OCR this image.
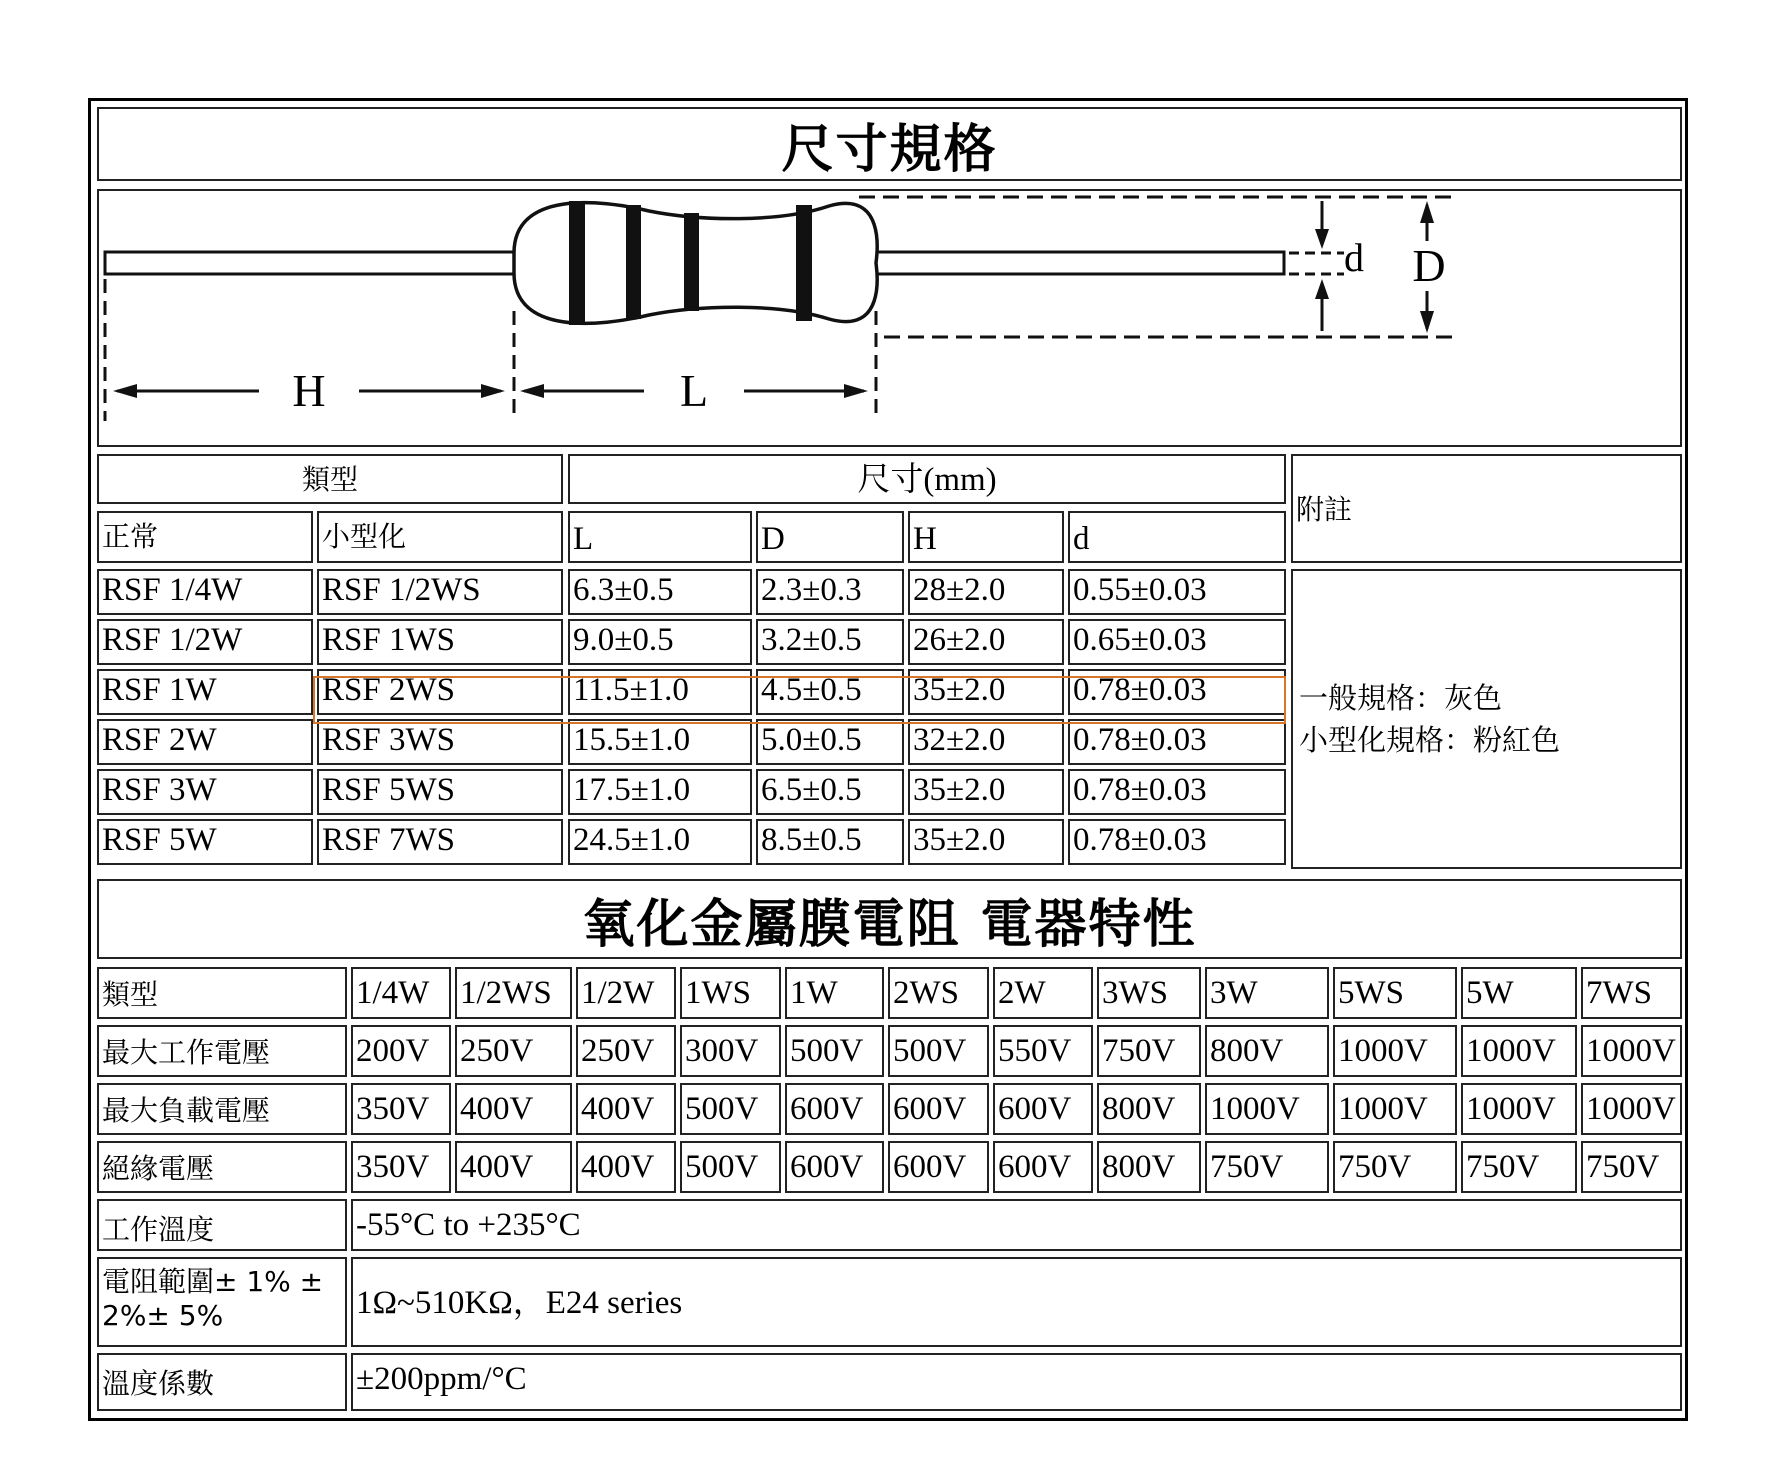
尺寸規格
H	L
d D
類型	尺寸(mm)
附註
正常	小型化	L	D	H	d
RSF 1/4W	RSF 1/2WS	6.3±0.5	2.3±0.3	28±2.0	0.55±0.03
RSF 1/2W	RSF 1WS	9.0±0.5	3.2±0.5	26±2.0	0.65±0.03
RSF 1W	RSF 2WS	11.5±1.0	4.5±0.5	35±2.0	0.78±0.03
RSF 2W	RSF 3WS	15.5±1.0	5.0±0.5	32±2.0	0.78±0.03
RSF 3W	RSF 5WS	17.5±1.0	6.5±0.5	35±2.0	0.78±0.03
RSF 5W	RSF 7WS	24.5±1.0	8.5±0.5	35±2.0	0.78±0.03
一般規格：灰色
小型化規格：粉紅色
氧化金屬膜電阻 電器特性
類型	1/4W 1/2WS 1/2W 1WS	1W	2WS	2W	3WS	3W	5WS	5W	7WS
最大工作電壓	200V 250V	250V 300V 500V 500V 550V 750V	800V	1000V	1000V 1000V
最大負載電壓	350V 400V	400V 500V 600V 600V 600V 800V	1000V	1000V	1000V 1000V
絕緣電壓	350V 400V	400V 500V 600V 600V 600V 800V	750V	750V	750V	750V
工作溫度	-55°C to +235°C
電阻範圍± 1% ± 2%± 5%	1Ω~510KΩ，E24 series
溫度係數	±200ppm/°C
